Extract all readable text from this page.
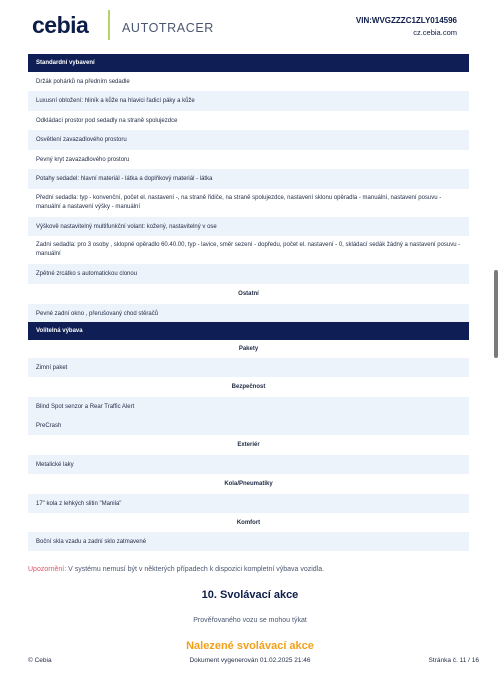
cebia	AUTOTRACER
VIN:WVGZZZC1ZLY014596
cz.cebia.com
Standardní vybavení
Držák pohárků na předním sedadle
Luxusní obložení: hliník a kůže na hlavici řadicí páky a kůže
Odkládací prostor pod sedadly na straně spolujezdce
Osvětlení zavazadlového prostoru
Pevný kryt zavazadlového prostoru
Potahy sedadel: hlavní materiál - látka a doplňkový materiál - látka
Přední sedadla: typ - konvenční, počet el. nastavení -, na straně řidiče, na straně spolujezdce, nastavení sklonu opěradla - manuální, nastavení posuvu - manuální a nastavení výšky - manuální
Výškově nastavitelný multifunkční volant: kožený, nastavitelný v ose
Zadní sedadla: pro 3 osoby , sklopné opěradlo 60.40.00, typ - lavice, směr sezení - dopředu, počet el. nastavení - 0, skládací sedák žádný a nastavení posuvu - manuální
Zpětné zrcátko s automatickou clonou
Ostatní
Pevné zadní okno , přerušovaný chod stěračů
Volitelná výbava
Pakety
Zimní paket
Bezpečnost
Blind Spot senzor a Rear Traffic Alert
PreCrash
Exteriér
Metalické laky
Kola/Pneumatiky
17" kola z lehkých slitin "Manila"
Komfort
Boční skla vzadu a zadní sklo zatmavené
Upozornění: V systému nemusí být v některých případech k dispozici kompletní výbava vozidla.
10. Svolávací akce
Prověřovaného vozu se mohou týkat
Nalezené svolávací akce
© Cebia	Dokument vygenerován 01.02.2025 21:46	Stránka č. 11 / 16
